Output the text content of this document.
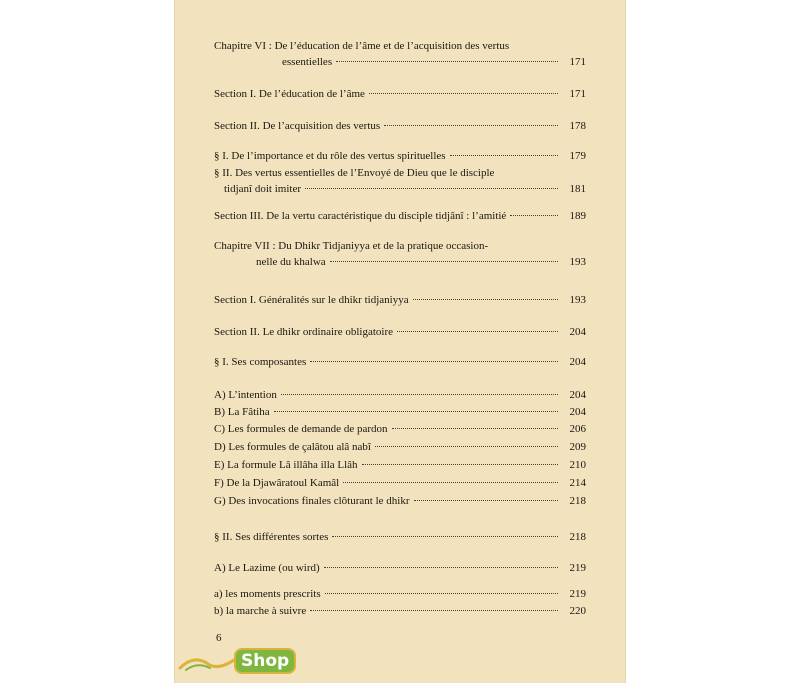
Chapitre VI : De l’éducation de l’âme et de l’acquisition des vertus
essentielles	171
Section I. De l’éducation de l’âme	171
Section II. De l’acquisition des vertus	178
§ I. De l’importance et du rôle des vertus spirituelles	179
§ II. Des vertus essentielles de l’Envoyé de Dieu que le disciple
tidjanî doit imiter	181
Section III. De la vertu caractéristique du disciple tidjânî : l’amitié	189
Chapitre VII : Du Dhikr Tidjaniyya et de la pratique occasion-
nelle du khalwa	193
Section I. Généralités sur le dhikr tidjaniyya	193
Section II. Le dhikr ordinaire obligatoire	204
§ I. Ses composantes	204
A) L’intention	204
B) La Fâtiha	204
C) Les formules de demande de pardon	206
D) Les formules de çalâtou alâ nabî	209
E) La formule Lâ illâha illa Llâh	210
F) De la Djawâratoul Kamâl	214
G) Des invocations finales clôturant le dhikr	218
§ II. Ses différentes sortes	218
A) Le Lazime (ou wird)	219
a) les moments prescrits	219
b) la marche à suivre	220
6
Shop
